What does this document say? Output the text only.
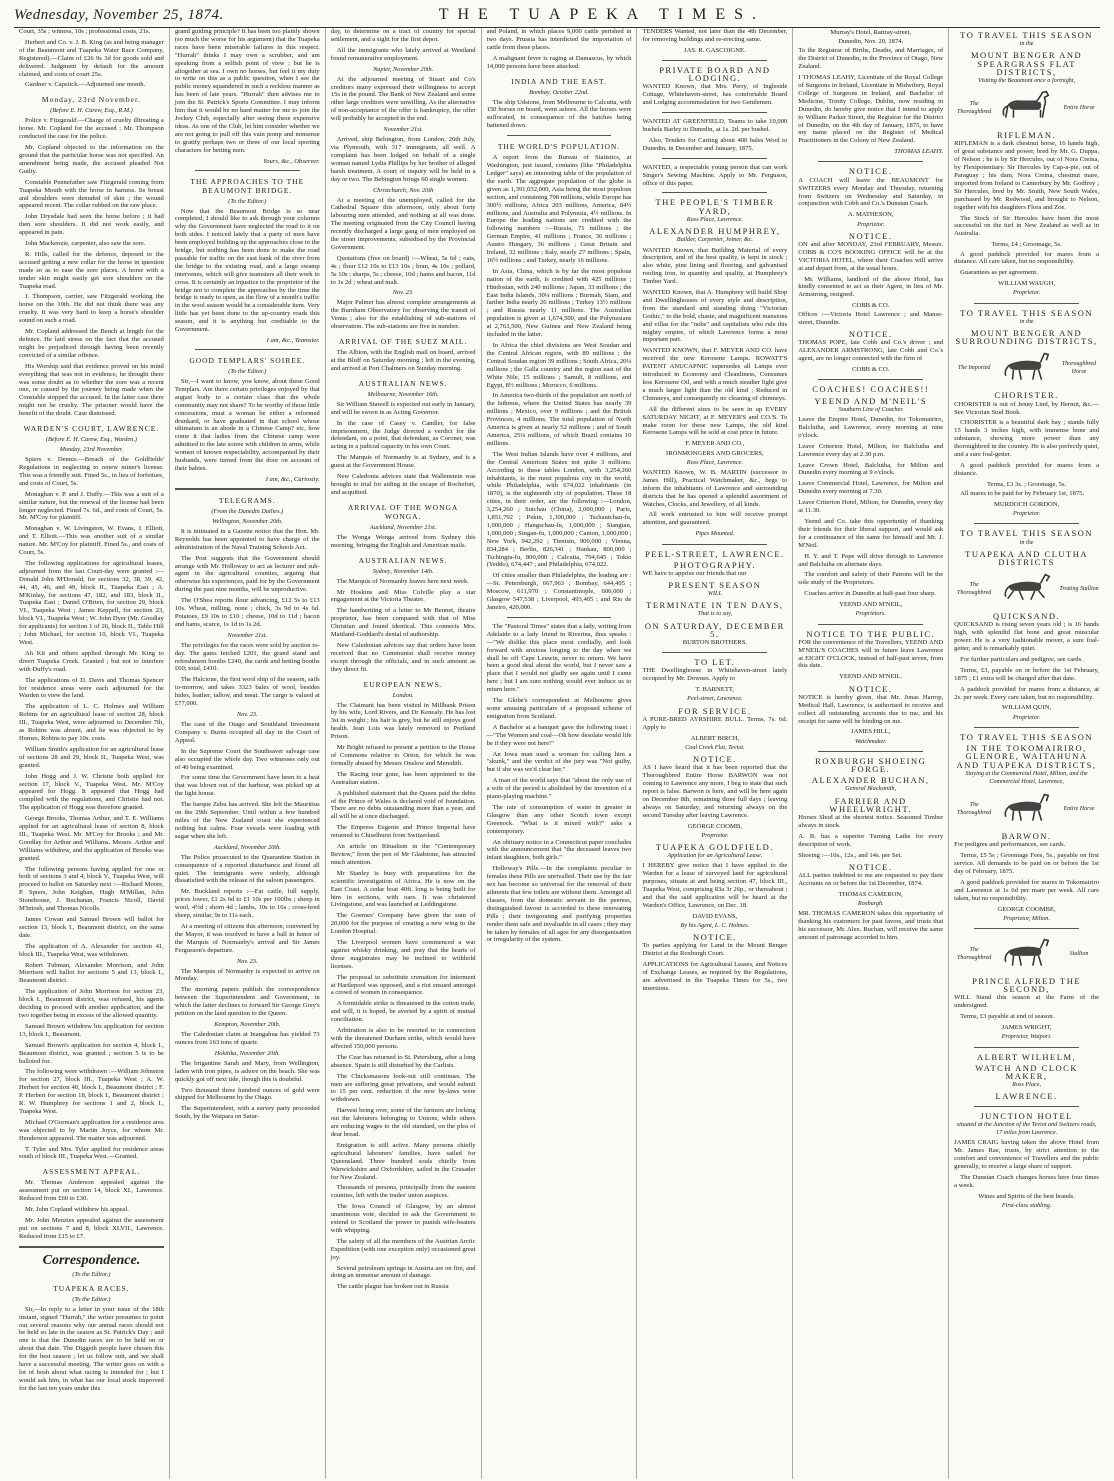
Wednesday, November 25, 1874.	THE TUAPEKA TIMES.

Court, 35s ; witness, 10s ; professional costs, 21s.

Herbert and Co. v. J. B. King (as and being manager of the Beaumont and Tuapeka Water Race Company, Registered).—Claim of £26 9s 3d for goods sold and delivered. Judgment by default for the amount claimed, and costs of court 25s.

Gardner v. Capstick.—Adjourned one month.

Monday, 23rd November.
(Before E. H. Carew, Esq., R.M.)

Police v. Fitzgerald.—Charge of cruelty illtreating a horse. Mr. Copland for the accused ; Mr. Thompson conducted the case for the police.

Mr. Copland objected to the information on the ground that the particular horse was not specified. An amendment being made, the accused pleaded Not Guilty.

Constable Pennefather saw Fitzgerald coming from Tuapeka Mouth with the horse in harness. Its breast and shoulders were denuded of skin ; the wound appeared recent. The collar rubbed on the raw place.

John Drysdale had seen the horse before ; it had then sore shoulders. It did not work easily, and appeared in pain.

John Mackenzie, carpenter, also saw the sore.

R. Hills, called for the defence, deposed to the accused getting a new collar for the horse in question made so as to ease the sore places. A horse with a tender skin might easily get sore shoulders on the Tuapeka road.

J. Thompson, carrier, saw Fitzgerald working the horse on the 10th. He did not think there was any cruelty. It was very hard to keep a horse's shoulder sound on such a road.

Mr. Copland addressed the Bench at length for the defence. He laid stress on the fact that the accused might be prejudiced through having been recently convicted of a similar offence.

His Worship said that evidence proved on his mind everything that was not in evidence, he thought there was some doubt as to whether the sore was a recent one, or caused by the journey being made when the Constable stopped the accused. In the latter case there might not be cruelty. The prisoner would have the benefit of the doubt. Case dismissed.

WARDEN'S COURT, LAWRENCE.
(Before E. H. Carew, Esq., Warden.)
Monday, 23rd November.

Spiers v. Dennis.—Breach of the Goldfields' Regulations in neglecting to renew miner's license. This was a friendly suit. Fined 5s., in lieu of forfeiture, and costs of Court, 5s.

Monaghan v. P. and J. Duffy.—This was a suit of a similar nature, but the renewal of the license had been longer neglected. Fined 7s. 6d., and costs of Court, 5s. Mr. M'Coy for plaintiff.

Monaghan v. W. Livingston, W. Evans, J. Elliott, and T. Elliott.—This was another suit of a similar nature. Mr. M'Coy for plaintiff. Fined 5s., and costs of Court, 5s.

The following applications for agricultural leases, adjourned from the last Court-day were granted :—Donald John M'Donald, for sections 32, 38, 39, 42, 44, 45, 46, and 49, block II., Tuapeka East ; A. M'Kinlay, for sections 47, 182, and 183, block II., Tuapeka East ; Daniel O'Brien, for section 29, block VI., Tuapeka West ; James Keppell, for section 23, block VI., Tuapeka West ; W. John Dyer (Mr. Goodlay for applicants) for section 1 of 26, block II., Table Hill ; John Michael, for section 10, block VI., Tuapeka West.

Ah Kit and others applied through Mr. King to divert Tuapeka Creek. Granted ; but not to interfere with Duffy's road.

The applications of D. Davis and Thomas Spencer for residence areas were each adjourned for the Warden to view the land.

The application of L. C. Holmes and William Robins for an agricultural lease of section 28, block III., Tuapeka West, were adjourned to December 7th, as Robins was absent, and he was objected to by Homes, Robins to pay 10s. costs.

William Smith's application for an agricultural lease of sections 28 and 29, block II., Tuapeka West, was granted.

John Hogg and J. W. Christie both applied for section 17, block V., Tuapeka West. Mr. M'Coy appeared for Hogg. It appeared that Hogg had complied with the regulations, and Christie had not. The application of Hogg was therefore granted.

George Brooks, Thomas Arthur, and T. E. Williams applied for an agricultural lease of section 8, block III., Tuapeka West. Mr. M'Coy for Brooks ; and Mr. Goodlay for Arthur and Williams. Messrs. Arthur and Williams withdrew, and the application of Brooks was granted.

The following persons having applied for one or both of sections 3 and 4, block V., Tuapeka West, will proceed to ballot on Saturday next :—Richard Moore, P. Spiers, John Keighan, Hugh M'Millan, John Stonehouse, J. Buchanan, Francis Nicoll, David M'Intosh, and Thomas Nicolls.

James Cowan and Samuel Brown will ballot for section 13, block I., Beaumont district, on the same date.

The application of A. Alexander for section 41, block III., Tuapeka West, was withdrawn.

Robert Tubman, Alexander Morrison, and John Morrison will ballot for sections 5 and 13, block I., Beaumont district.

The application of John Morrison for section 23, block I., Beaumont district, was refused, his agents deciding to proceed with another application, and the two together being in excess of the allowed quantity.

Samuel Brown withdrew his application for section 13, block I., Beaumont.

Samuel Brown's application for section 4, block I., Beaumont district, was granted ; section 5 is to be balloted for.

The following were withdrawn :—William Johnston for section 27, block III., Tuapeka West ; A. W. Herbert for section 40, block I., Beaumont district ; F. P. Herbert for section 18, block I., Beaumont district ; R. W. Humphrey for sections 1 and 2, block I., Tuapeka West.

Michael O'Gorman's application for a residence area was objected to by Martin Joyce, for whom Mr. Henderson appeared. The matter was adjourned.

T. Tyler and Mrs. Tyler applied for residence areas south of block III., Tuapeka West.—Granted.

ASSESSMENT APPEAL.

Mr. Thomas Anderson appealed against the assessment put on section 14, block XI., Lawrence. Reduced from £60 to £30.

Mr. John Copland withdrew his appeal.

Mr. John Menzies appealed against the assessment put on sections 7 and 8, block XLVII., Lawrence. Reduced from £15 to £7.

Correspondence.
(To the Editor.)
TUAPEKA RACES.
(To the Editor.)

Sir,—In reply to a letter in your issue of the 18th instant, signed "Hurrah," the writer presumes to point out several reasons why our annual races should not be held so late in the season as St. Patrick's Day ; and one is that the Dunedin races are to be held on or about that date. The Diggeth people have chosen this for the best season ; let us follow suit, and we shall have a successful meeting. The writer goes on with a lot of bosh about what racing is intended for ; but I would ask him, in what has our local stock improved for the last ten years under this

grand guiding principle? It has been too plainly shown (so much the worse for his argument) that the Tuapeka races have been miserable failures in this respect. "Hurrah" thinks I may own a scrubber, and am speaking from a selfish point of view ; but he is altogether at sea. I own no horses, but feel it my duty to write on this as a public question, when I see the public money squandered in such a reckless manner as has been of late years. "Hurrah" then advises me to join the St. Patrick's Sports Committee. I may inform him that it would be no hard matter for me to join the Jockey Club, especially after seeing these expensive ideas. As one of the Club, let him consider whether we are not going to pull off this vain pomp and nonsense to gratify perhaps two or three of our local sporting characters for betting men.

Yours, &c., Observer.
THE APPROACHES TO THE BEAUMONT BRIDGE.
(To the Editor.)

Now that the Beaumont Bridge is so near completed, I should like to ask through your columns why the Government have neglected the road to it on both sides. I noticed lately that a party of men have been employed building up the approaches close to the bridge, but nothing has been done to make the road passable for traffic on the east bank of the river from the bridge to the existing road, and a large swamp intervenes, which will give teamsters all their work to cross. It is certainly an injustice to the proprietor of the bridge not to complete the approaches by the time the bridge is ready to open, as the flow of a month's traffic in the wool season would be a considerable item. Very little has yet been done to the up-country roads this season, and it is anything but creditable to the Government.

I am, &c., Teamster.
GOOD TEMPLARS' SOIREE.
(To the Editor.)

Sir,—I want to know, you know, about these Good Templars. Are there certain privileges enjoyed by that august body to a certain class that the whole community may not share? To be worthy of those little concessions, must a woman be either a reformed drunkard, or have graduated in that school whose ultimatum is an abode in a Chinese Camp? etc, how come it that ladies from the Chinese camp were admitted to the late soiree with children in arms, while women of known respectability, accompanied by their husbands, were turned from the door on account of their babies.

I am, &c., Curiosity.
TELEGRAMS.
(From the Dunedin Dailies.)
Wellington, November 20th.

It is intimated in a Gazette notice that the Hon. Mr. Reynolds has been appointed to have charge of the administration of the Naval Training Schools Act.

The Post suggests that the Government should arrange with Mr. Holloway to act as lecturer and sub-agent in the agricultural counties, arguing that otherwise his experiences, paid for by the Government during the past nine months, will be unproductive.

The O'Shea reports flour advancing, £12 5s to £13 10s. Wheat, milling, none ; chick, 3s 9d to 4s 6d. Potatoes, £9 10s to £10 ; cheese, 10d to 11d ; bacon and hams, scarce, 1s 1d to 1s 2d.

November 21st.

The privileges for the races were sold by auction to-day. The gates fetched £201, the grand stand and refreshment booths £240, the cards and betting booths £60; total, £410.

The Halcione, the first wool ship of the season, sails to-morrow, and takes 3323 bales of wool, besides hides, leather, tallow, and meat. The cargo is valued at £77,000.

Nov. 23.

The case of the Otago and Southland Investment Company v. Burns occupied all day in the Court of Appeal.

In the Supreme Court the Southsaver salvage case also occupied the whole day. Two witnesses only out of 40 being examined.

For some time the Government have been to a heat that was blown out of the harbour, was picked up at the light house.

The barque Zebu has arrived. She left the Mauritius on the 29th September. Until within a few hundred miles of the New Zealand coast she experienced nothing but calms. Four vessels were loading with sugar when she left.

Auckland, November 20th.

The Police prosecuted to the Quarantine Station in consequence of a reported disturbance and found all quiet. The immigrants were orderly, although dissatisfied with the release of the saloon passengers.

Mr. Buckland reports :—Fat cattle, full supply, prices lower, £1 2s 6d to £1 10s per 100lbs ; sheep in wool, 4½d ; shorn 4d ; lambs, 10s to 16s ; cross-bred sheep, similar, 9s to 11s each.

At a meeting of citizens this afternoon, convened by the Mayor, it was resolved to have a ball in honor of the Marquis of Normanby's arrival and Sir James Fergusson's departure.

Nov. 23.

The Marquis of Normanby is expected to arrive on Monday.

The morning papers publish the correspondence between the Superintendent and Government, in which the latter declines to forward Sir George Grey's petition on the land question to the Queen.

Kempton, November 20th.

The Caledonian claim at Inangahua has yielded 73 ounces from 163 tons of quartz.

Hokitika, November 20th.

The brigantine Sarah and Mary, from Wellington, laden with iron pipes, is ashore on the beach. She was quickly got off next tide, though this is doubtful.

Two thousand three hundred ounces of gold were shipped for Melbourne by the Otago.

The Superintendent, with a survey party proceeded South, by the Waipara on Satur-

day, to determine on a tract of country for special settlement, and a sight for the first depot.

All the immigrants who lately arrived at Westland found remunerative employment.

Napier, November 20th.

At the adjourned meeting of Stuart and Co's creditors many expressed their willingness to accept 15s in the pound. The Bank of New Zealand and some other large creditors were unwilling. As the alternative of non-acceptance of the offer is bankruptcy, the offer will probably be accepted in the end.

November 21st.

Arrived, ship Bebington, from London, 26th July, via Plymouth, with 317 immigrants, all well. A complaint has been lodged on behalf of a single woman named Lydia Phillips by her brother of alleged harsh treatment. A court of inquiry will be held in a day or two. The Bebington brings 60 single women.

Christchurch, Nov. 20th

At a meeting of the unemployed, called for the Cathedral Square this afternoon, only about forty labouring men attended, and nothing at all was done. The meeting originated from the City Council having recently discharged a large gang of men employed on the street improvements, subsidised by the Provincial Government.

Quotations (free on board) :—Wheat, 5s 6d ; oats, 4s ; flour £12 10s to £13 10s ; bran, 4s 10s ; pollard, 5s 10s ; sharps, 5s ; cheese, 10d ; hams and bacon, 11d to 1s 2d ; wheat and malt.

Nov. 23.

Major Palmer has almost complete arrangements at the Burnham Observatory for observing the transit of Venus ; also for the establishing of sub-stations of observation. The sub-stations are five in number.

ARRIVAL OF THE SUEZ MAIL.

The Albion, with the English mail on board, arrived at the Bluff on Saturday morning ; left in the evening, and arrived at Port Chalmers on Sunday morning.

AUSTRALIAN NEWS.
Melbourne, November 16th.

Sir William Stawell is expected out early in January, and will be sworn in as Acting Governor.

In the case of Casey v. Candler, for false imprisonment, the Judge directed a verdict for the defendant, on a point, that defendant, as Coroner, was acting in a judicial capacity in his own Court.

The Marquis of Normanby is at Sydney, and is a guest at the Government House.

New Caledonia advices state that Wallenstein was brought to trial for aiding in the escape of Rochefort, and acquitted.

ARRIVAL OF THE WONGA WONGA.
Auckland, November 21st.

The Wonga Wonga arrived from Sydney this morning, bringing the English and American mails.

AUSTRALIAN NEWS.
Sydney, November 14th.

The Marquis of Normanby leaves here next week.

Mr Hoskins and Miss Colville play a star engagement at the Victoria Theatre.

The handwriting of a letter to Mr Bennet, theatre proprietor, has been compared with that of Miss Christian and found identical. This connects Mrs. Maitland-Goddard's denial of authorship.

New Caledonian advices say that orders have been received that no Communist shall receive money except through the officials, and in such amount as they direct fit.

EUROPEAN NEWS.
London.

The Claimant has been visited in Millbank Prison by his wife, Lord Rivers, and Dr Kenealy. He has lost 3st in weight ; his hair is grey, but he still enjoys good health. Jean Lois was lately removed to Portland Prison.

Mr Bright refused to present a petition to the House of Commons relative to Orton, for which he was formally abused by Messrs Onslow and Meredith.

The Racing tour gone, has been appointed to the Australian station.

A published statement that the Queen paid the debts of the Prince of Wales is declared void of foundation. There are no debts outstanding more than a year, and all will be at once discharged.

The Empress Eugenie and Prince Imperial have returned to Chiselhurst from Switzerland.

An article on Ritualism in the "Contemporary Review," from the pen of Mr Gladstone, has attracted much attention.

Mr Stanley is busy with preparations for the scientific investigation of Africa. He is now on the East Coast. A cedar boat 40ft. long is being built for him in sections, with oars. It was christened Livingstone, and was launched at Leddingstone.

The Goemes' Company have given the sum of 20,000 for the purpose of creating a new wing to the London Hospital.

The Liverpool women have commenced a war against whisky drinking, and pray that the hearts of those magistrates may be inclined to withhold licenses.

The proposal to substitute cremation for interment at Hartlepool was opposed, and a riot ensued amongst a crowd of women in consequence.

A formidable strike is threatened in the cotton trade, and will, it is hoped, be averted by a spirit of mutual conciliation.

Arbitration is also to be resorted to in connection with the threatened Durham strike, which would have affected 150,000 persons.

The Czar has returned to St. Petersburg, after a long absence. Spain is still disturbed by the Carlists.

The Chicksmasons look-out still continues. The men are suffering great privations, and would submit to 15 per cent. reduction if the new by-laws were withdrawn.

Harvest being over, some of the farmers are locking out the labourers belonging to Unions, while others are reducing wages to the old standard, on the plea of dear bread.

Emigration is still active. Many persons chiefly agricultural labourers' families, have sailed for Queensland. Three hundred souls chiefly from Warwickshire and Oxfordshire, sailed in the Crusader for New Zealand.

Thousands of persons, principally from the eastern counties, left with the trades' union auspices.

The Iowa Council of Glasgow, by an almost unanimous vote, decided to ask the Government to extend to Scotland the power to punish wife-beaters with whipping.

The safety of all the members of the Austrian Arctic Expedition (with one exception only) occasioned great joy.

Several petroleum springs in Austria are on fire, and doing an immense amount of damage.

The cattle plague has broken out in Russia

and Poland, in which places 9,000 cattle perished in two days. Prussia has interdicted the importation of cattle from these places.

A malignant fever is raging at Damascus, by which 14,000 persons have been attacked.

INDIA AND THE EAST.
Bombay, October 22nd.

The ship Udstone, from Melbourne to Calcutta, with 150 horses on board, went ashore. All the horses were suffocated, in consequence of the hatches being battened down.

THE WORLD'S POPULATION.

A report from the Bureau of Statistics, at Washington, just issued, contains (like "Philadelphia Ledger" says) an interesting table of the population of the earth. The aggregate population of the globe is given as 1,391,032,000, Asia being the most populous section, and containing 798 millions, while Europe has 300½ millions, Africa 203 millions, America, 84½ millions, and Australia and Polynesia, 4½ millions. In Europe the leading nations are credited with the following numbers :—Russia, 71 millions ; the German Empire, 41 millions ; France, 36 millions ; Austro Hungary, 36 millions ; Great Britain and Ireland, 32 millions ; Italy, nearly 27 millions ; Spain, 16½ millions ; and Turkey, nearly 16 millions.

In Asia, China, which is by far the most populous nation of the earth, is credited with 425 millions ; Hindostan, with 240 millions ; Japan, 33 millions ; the East India Islands, 30¼ millions ; Burmah, Siam, and farther India nearly 26 millions ; Turkey 13½ millions ; and Russia nearly 11 millions. The Australian population is given at 1,674,500, and the Polynesians at 2,763,500, New Guinea and New Zealand being included in the latter.

In Africa the chief divisions are West Soudan and the Central African region, with 89 millions ; the Central Soudan region 39 millions ; South Africa, 20¼ millions ; the Galla country and the region east of the White Nile, 15 millions ; Samuli, 8 millions, and Egypt, 8½ millions ; Morocco, 6 millions.

In America two-thirds of the population are north of the Isthmus, where the United States has nearly 39 millions ; Mexico, over 9 millions ; and the British Provinces, 4 millions. The total population of North America is given at nearly 52 millions ; and of South America, 25¼ millions, of which Brazil contains 10 millions.

The West Indian Islands have over 4 millions, and the Central American States not quite 3 millions. According to these tables London, with 3,254,260 inhabitants, is the most populous city in the world, while Philadelphia, with 674,022 inhabitants (in 1870), is the eighteenth city of population. These 18 cities, in their order, are the following :—London, 3,254,260 ; Sutchau (China), 2,000,000 ; Paris, 1,851,792 ; Pekin, 1,300,000 ; Tschautchau-fu, 1,000,000 ; Hangschau-fu, 1,000,000 ; Siangtan, 1,000,000 ; Singan-fu, 1,000,000 ; Canton, 1,000,000 ; New York, 942,292 ; Tientsin, 900,000 ; Vienna, 834,284 ; Berlin, 826,341 ; Hankau, 800,000 ; Tschingtu-fu, 800,000 ; Calcutta, 794,645 ; Tokio (Yeddo), 674,447 ; and Philadelphia, 674,022.

Of cities smaller than Philadelphia, the leading are :—St. Petersburgh, 667,963 ; Bombay, 644,405 ; Moscow, 611,970 ; Constantinople, 600,000 ; Glasgow 547,538 ; Liverpool, 493,405 ; and Rio de Janeiro, 420,000.

The "Pastoral Times" states that a lady, writing from Adelaide to a lady friend in Riverina, thus speaks :—"We dislike this place most cordially, and look forward with anxious longing to the day when we shall be off Cape Leuwin, never to return. We have been a good deal about the world, but I never saw a place that I would not gladly see again until I came here ; but I am sure nothing would ever induce us to return here."

The Globe's correspondent at Melbourne gives some amusing particulars of a proposed scheme of emigration from Scotland.

A Bachelor at a banquet gave the following toast :—"The Women and coal—Oh how desolate would life be if they were not here!"

An Iowa man used a woman for calling him a "skunk," and the verdict of the jury was "Not guilty, but if she was we'd clear her."

A man of the world says that "about the only use of a wife of the period is abolished by the invention of a piano-playing machine."

The rate of consumption of water in greater in Glasgow than any other Scotch town except Greenock. "What is it mixed with?" asks a contemporary.

An obituary notice in a Connecticut paper concludes with the announcement that "the deceased leaves two infant daughters, both girls."

Holloway's Pills.—In the complaints peculiar to females these Pills are unrivalled. Their use by the fair sex has become so universal for the removal of their ailments that few toilets are without them. Amongst all classes, from the domestic servant to the peeress, distinguished favour is accorded to these renovating Pills ; their invigorating and purifying properties render them safe and invaluable in all cases ; they may be taken by females of all ages for any disorganisation or irregularity of the system.

TENDERS Wanted, not later than the 4th December, for removing buildings and re-erecting same.

JAS. R. GASCOIGNE.
PRIVATE BOARD AND LODGING.

WANTED Known, that Mrs. Perry, of Ingleside Cottage, Whitehaven-street, has comfortable Board and Lodging accommodation for two Gentlemen.

WANTED AT GREENFIELD, Teams to take 10,000 bushels Barley to Dunedin, at 1s. 2d. per bushel.

Also, Tenders for Carting about 400 bales Wool to Dunedin, in December and January, 1875.

WANTED, a respectable young person that can work Singer's Sewing Machine. Apply to Mr. Ferguson, office of this paper.

THE PEOPLE'S TIMBER YARD,
Ross Place, Lawrence.
ALEXANDER HUMPHREY,
Builder, Carpenter, Joiner, &c.

WANTED Known, that Building Material of every description, and of the best quality, is kept in stock ; also white, pine lining and flooring, and galvanised roofing iron, in quantity and quality, at Humphrey's Timber Yard.

WANTED Known, that A. Humphrey will build Shop and Dwellinghouses of every style and description, from the standard and standing doing "Victorian Gothic," to the bold, chaste, and magnificent mansions and villas for the "nobs" and capitalists who rule this mighty empire, of which Lawrence forms a most important part.

WANTED KNOWN, that F. MEYER AND CO. have received the new Kerosene Lamps. ROWATT'S PATENT ANUCAPNIC supersedes all Lamps ever introduced in Economy and Cleanliness, Consumes less Kerosene Oil, and with a much steadier light give a much larger light than the old kind ; Reduced in Chimneys, and consequently no cleaning of chimneys.

All the different sizes to be seen in up EVERY SATURDAY NIGHT, at F. MEYER'S and CO.'S. To make room for these new Lamps, the old kind Kerosene Lamps will be sold at cost price in future.

F. MEYER AND CO.,
IRONMONGERS AND GROCERS,
Ross Place, Lawrence.

WANTED Known, W. B. MARTIN (successor to James Hill), Practical Watchmaker, &c., begs to inform the inhabitants of Lawrence and surrounding districts that he has opened a splendid assortment of Watches, Clocks, and Jewellery, of all kinds.

All work entrusted to him will receive prompt attention, and guaranteed.

Pipes Mounted.
PEEL-STREET, LAWRENCE.
PHOTOGRAPHY.

WE have to apprise our friends that our

PRESENT SEASON
WILL
TERMINATE IN TEN DAYS,
That is to say,
ON SATURDAY, DECEMBER 5.
BURTON BROTHERS.
TO LET.

THE Dwellinghouse in Whitehaven-street lately occupied by Mr. Downes. Apply to

T. BARNETT,
Peel-street, Lawrence.
FOR SERVICE.

A PURE-BRED AYRSHIRE BULL. Terms, 7s. 6d. Apply to

ALBERT BIRCH,
Coal Creek Flat, Teviot.
NOTICE.

AS I have heard that it has been reported that the Thoroughbred Entire Horse BARWON was not coming to Lawrence any more, I beg to state that such report is false. Barwon is here, and will be here again on December 8th, remaining three full days ; leaving always on Saturday, and returning always on the second Tuesday after leaving Lawrence.

GEORGE COOMB,
Proprietor.
TUAPEKA GOLDFIELD.
Application for an Agricultural Lease.

I HEREBY give notice that I have applied to the Warden for a lease of surveyed land for agricultural purposes, situate at and being section 47, block III., Tuapeka West, comprising 83a 3r 26p., or thereabout ; and that the said application will be heard at the Warden's Office, Lawrence, on Dec. 18.

DAVID EVANS,
By his Agent, L. C. Holmes.
NOTICE.

To parties applying for Land in the Mount Benger District at the Roxburgh Court.

APPLICATIONS for Agricultural Leases, and Notices of Exchange Leases, as required by the Regulations, are advertised in the Tuapeka Times for 5s., two insertions.

Murray's Hotel, Rattray-street,
Dunedin, Nov. 20, 1874.

To the Registrar of Births, Deaths, and Marriages, of the District of Dunedin, in the Province of Otago, New Zealand.

I THOMAS LEAHY, Licentiate of the Royal College of Surgeons in Ireland, Licentiate in Midwifery, Royal College of Surgeons in Ireland, and Bachelor of Medicine, Trinity College, Dublin, now residing in Dunedin, do hereby give notice that I intend to apply to William Parker Street, the Registrar for the District of Dunedin, on the 4th day of January, 1875, to have my name placed on the Register of Medical Practitioners in the Colony of New Zealand.

THOMAS LEAHY.
NOTICE.

A COACH will leave the BEAUMONT for SWITZERS every Monday and Thursday, returning from Switzers on Wednesday and Saturday, in conjunction with Cobb and Co.'s Dunstan Coach.

A. MATHESON,
Proprietor.
NOTICE.

ON and after MONDAY, 23rd FEBRUARY, Messrs. COBB & CO'S BOOKING OFFICE will be at the VICTORIA HOTEL, where their Coaches will arrive at and depart from, at the usual hours.

Mr. Williams, landlord of the above Hotel, has kindly consented to act as their Agent, in lieu of Mr. Armstrong, resigned.

COBB & CO.

Offices :—Victoria Hotel Lawrence ; and Manse-street, Dunedin.

NOTICE.

THOMAS POPE, late Cobb and Co.'s driver ; and ALEXANDER ARMSTRONG, late Cobb and Co.'s agent, are no longer connected with the firm of

COBB & CO.
COACHES! COACHES!!
YEEND AND M'NEIL'S
Southern Line of Coaches

Leave the Empire Hotel, Dunedin, for Tokomairiro, Balclutha, and Lawrence, every morning at nine o'clock.

Leave Criterion Hotel, Milton, for Balclutha and Lawrence every day at 2.30 p.m.

Leave Crown Hotel, Balclutha, for Milton and Dunedin every morning at 9 o'clock.

Leave Commercial Hotel, Lawrence, for Milton and Dunedin every morning at 7.30.

Leave Criterion Hotel, Milton, for Dunedin, every day at 11.30.

Yeend and Co. take this opportunity of thanking their friends for their liberal support, and would ask for a continuance of the same for himself and Mr. J. M'Neil.

H. Y. and T. Pope will drive through to Lawrence and Balclutha on alternate days.

The comfort and safety of their Patrons will be the sole study of the Proprietors.

Coaches arrive in Dunedin at half-past four sharp.

YEEND AND M'NEIL,
Proprietors.
NOTICE TO THE PUBLIC.

FOR the convenience of the Travellers, YEEND AND M'NEIL'S COACHES will in future leave Lawrence at EIGHT O'CLOCK, instead of half-past seven, from this date.

YEEND AND M'NEIL.
NOTICE.

NOTICE is hereby given, that Mr. Jonas Harrop, Medical Hall, Lawrence, is authorised to receive and collect all outstanding accounts due to me, and his receipt for same will be binding on me.

JAMES HILL,
Watchmaker.
ROXBURGH SHOEING FORGE.
ALEXANDER BUCHAN,
General Blacksmith,
FARRIER AND WHEELWRIGHT.

Horses Shod at the shortest notice. Seasoned Timber always in stock.

A. B. has a superior Turning Lathe for every description of work.

Shoeing :—10s., 12s., and 14s. per Set.

NOTICE.

ALL parties indebted to me are requested to pay their Accounts on or before the 1st December, 1874.

THOMAS CAMERON,
Roxburgh.

MR. THOMAS CAMERON takes this opportunity of thanking his customers for past favors, and trusts that his successor, Mr. Alex. Buchan, will receive the same amount of patronage accorded to him.

TO TRAVEL THIS SEASON
in the
MOUNT BENGER AND SPEARGRASS FLAT DISTRICTS,
Visiting the Beaumont once a fortnight,
The Thoroughbred
Entire Horse
RIFLEMAN.

RIFLEMAN is a dark chestnut horse, 16 hands high, of great substance and power, bred by Mr. G. Duppa, of Nelson ; he is by Sir Hercules, out of Nora Creina, by Flexipotentiary. Sir Hercules by Cap-a-pie, out of Paraguay ; his dam, Nora Creina, chestnut mare, imported from Ireland to Canterbury by Mr. Godfrey ; Sir Hercules, bred by Mr. Smith, New South Wales, purchased by Mr. Redwood, and brought to Nelson, together with his daughters Flora and Zoe.

The Stock of Sir Hercules have been the most successful on the turf in New Zealand as well as in Australia.

Terms, £4 ; Groomage, 5s.

A good paddock provided for mares from a distance. All care taken, but no responsibility.

Guarantees as per agreement.

WILLIAM WAUGH,
Proprietor.
TO TRAVEL THIS SEASON
in the
MOUNT BENGER AND SURROUNDING DISTRICTS,
The Imported
Thoroughbred Horse
CHORISTER.

CHORISTER is out of Jenny Lind, by Hermit, &c.—See Victorian Stud Book.

CHORISTER is a beautiful dark bay ; stands fully 15 hands 3 inches high, with immense bone and substance, showing more power than any thoroughbred in the country. He is also perfectly quiet, and a sure foal-getter.

A good paddock provided for mares from a distance.

Terms, £3 3s. ; Groomage, 5s.

All mares to be paid for by February 1st, 1875.

MURDOCH GORDON,
Proprietor.
TO TRAVEL THIS SEASON
in the
TUAPEKA AND CLUTHA DISTRICTS
The Thoroughbred
Trotting Stallion
QUICKSAND.

QUICKSAND is rising seven years old ; is 16 hands high, with splendid flat bone and great muscular power. He is a very fashionable mover, a sure foal-getter, and is remarkably quiet.

For further particulars and pedigree, see cards.

Terms, £3, payable on or before the 1st February, 1875 ; £1 extra will be charged after that date.

A paddock provided for mares from a distance, at 2s. per week. Every care taken, but no responsibility.

WILLIAM QUIN,
Proprietor.
TO TRAVEL THIS SEASON
IN THE TOKOMAIRIRO, GLENORE, WAITAHUNA AND TUAPEKA DISTRICTS,
Staying at the Commercial Hotel, Milton, and the Commercial Hotel, Lawrence,
The Thoroughbred
Entire Horse
BARWON.

For pedigree and performances, see cards.

Terms, £5 5s ; Groomage Fees, 5s., payable on first service. All demands to be paid on or before the 1st day of February, 1875.

A good paddock provided for mares in Tokomairiro and Lawrence at 1s 6d per mare per week. All care taken, but no responsibility.

GEORGE COOMBE,
Proprietor, Milton.
The Thoroughbred
Stallion
PRINCE ALFRED THE SECOND,

WILL Stand this season at the Farm of the undersigned.

Terms, £3 payable at end of season.

JAMES WRIGHT,
Proprietor, Waipori.
ALBERT WILHELM,
WATCH AND CLOCK MAKER,
Ross Place,
LAWRENCE.
JUNCTION HOTEL
situated at the Junction of the Teviot and Switzers roads, 17 miles from Lawrence.

JAMES CRAIG having taken the above Hotel from Mr. James Rae, trusts, by strict attention to the comfort and convenience of Travellers and the public generally, to receive a large share of support.

The Dunstan Coach changes horses here four times a week.

Wines and Spirits of the best brands.
First-class stabling.
